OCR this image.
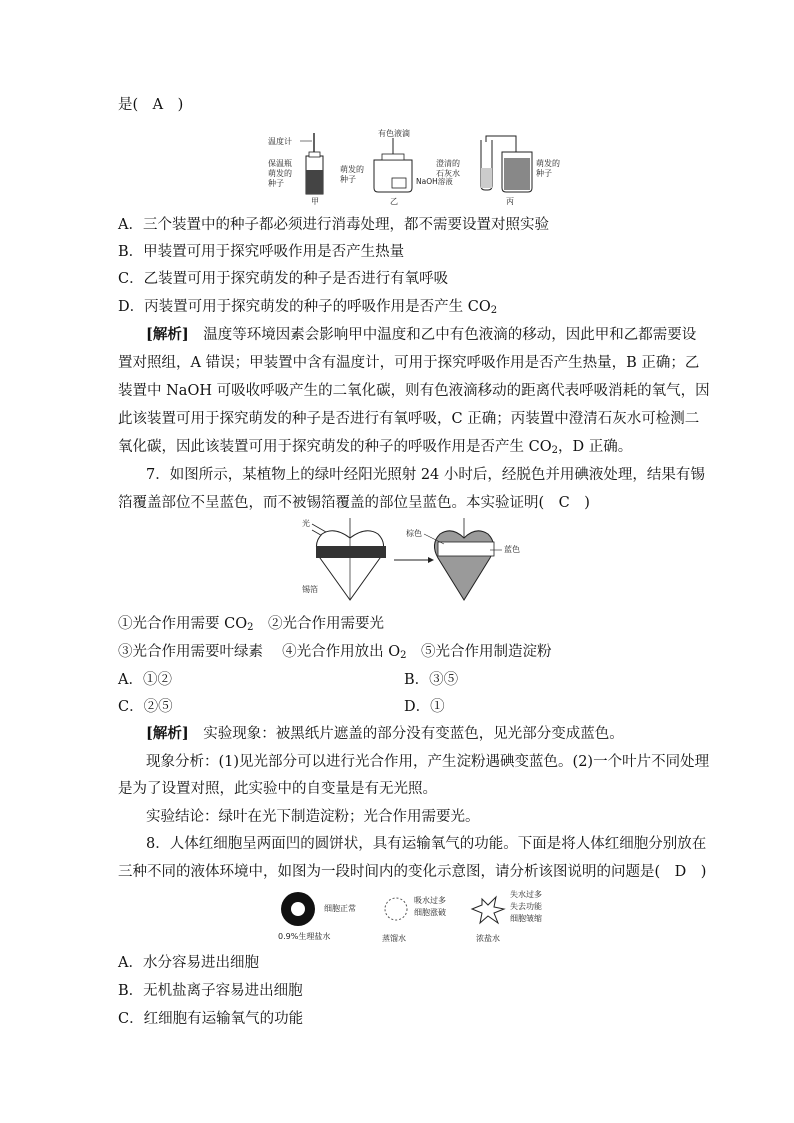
是(　A　)
温度计
保温瓶
萌发的
种子
甲
有色液滴
萌发的
种子	NaOH溶液
乙
澄清的
石灰水
萌发的
种子
丙
A．三个装置中的种子都必须进行消毒处理，都不需要设置对照实验
B．甲装置可用于探究呼吸作用是否产生热量
C．乙装置可用于探究萌发的种子是否进行有氧呼吸
D．丙装置可用于探究萌发的种子的呼吸作用是否产生 $CO_2$
[解析]　 温度等环境因素会影响甲中温度和乙中有色液滴的移动，因此甲和乙都需要设
置对照组，A 错误；甲装置中含有温度计，可用于探究呼吸作用是否产生热量，B 正确；乙
装置中 NaOH 可吸收呼吸产生的二氧化碳，则有色液滴移动的距离代表呼吸消耗的氧气，因
此该装置可用于探究萌发的种子是否进行有氧呼吸，C 正确；丙装置中澄清石灰水可检测二
氧化碳，因此该装置可用于探究萌发的种子的呼吸作用是否产生 $CO_2$，D 正确。
7．如图所示，某植物上的绿叶经阳光照射 24 小时后，经脱色并用碘液处理，结果有锡
箔覆盖部位不呈蓝色，而不被锡箔覆盖的部位呈蓝色。本实验证明(　C　)
光
锡箔
棕色
蓝色
①光合作用需要 $CO_2$　 ②光合作用需要光
③光合作用需要叶绿素　 ④光合作用放出 $O_2$　 ⑤光合作用制造淀粉
A．①②	B．③⑤
C．②⑤	D．①
[解析]　 实验现象：被黑纸片遮盖的部分没有变蓝色，见光部分变成蓝色。
现象分析：(1)见光部分可以进行光合作用，产生淀粉遇碘变蓝色。(2)一个叶片不同处理
是为了设置对照，此实验中的自变量是有无光照。
实验结论：绿叶在光下制造淀粉；光合作用需要光。
8．人体红细胞呈两面凹的圆饼状，具有运输氧气的功能。下面是将人体红细胞分别放在
三种不同的液体环境中，如图为一段时间内的变化示意图，请分析该图说明的问题是(　D　)
细胞正常
0.9%生理盐水
吸水过多
细胞涨破
蒸馏水
失水过多
失去功能
细胞皱缩
浓盐水
A．水分容易进出细胞
B．无机盐离子容易进出细胞
C．红细胞有运输氧气的功能
